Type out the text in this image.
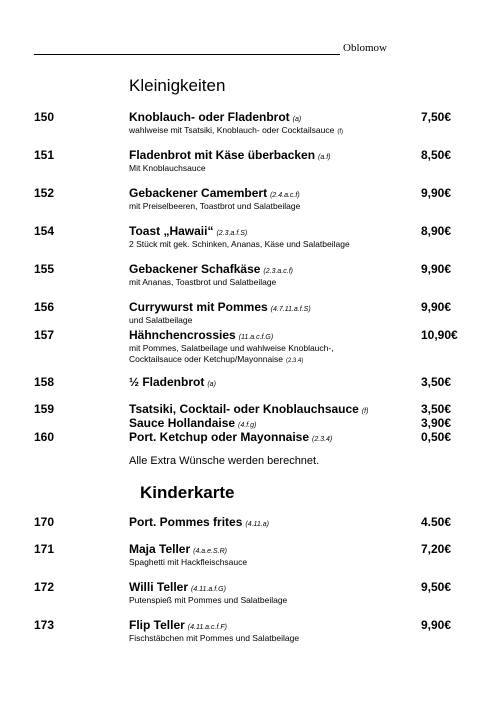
Oblomow
Kleinigkeiten
150	Knoblauch- oder Fladenbrot (a)
wahlweise mit Tsatsiki, Knoblauch- oder Cocktailsauce (f)
7,50€
151	Fladenbrot mit Käse überbacken (a.f)
Mit Knoblauchsauce
8,50€
152	Gebackener Camembert (2.4.a.c.f)
mit Preiselbeeren, Toastbrot und Salatbeilage
9,90€
154	Toast „Hawaii“ (2.3.a.f.S)
2 Stück mit gek. Schinken, Ananas, Käse und Salatbeilage
8,90€
155	Gebackener Schafkäse (2.3.a.c.f)
mit Ananas, Toastbrot und Salatbeilage
9,90€
156	Currywurst mit Pommes (4.7.11.a.f.S)
und Salatbeilage
9,90€
157	Hähnchencrossies (11.a.c.f.G)
mit Pommes, Salatbeilage und wahlweise Knoblauch-,
Cocktailsauce oder Ketchup/Mayonnaise (2.3.4)
10,90€
158	½ Fladenbrot (a)	3,50€
159	Tsatsiki, Cocktail- oder Knoblauchsauce (f)	3,50€
Sauce Hollandaise (4.f.g)	3,90€
160	Port. Ketchup oder Mayonnaise (2.3.4)	0,50€
Alle Extra Wünsche werden berechnet.
Kinderkarte
170	Port. Pommes frites (4.11.a)	4.50€
171	Maja Teller (4.a.e.S.R)
Spaghetti mit Hackfleischsauce
7,20€
172	Willi Teller (4.11.a.f.G)
Putenspieß mit Pommes und Salatbeilage
9,50€
173	Flip Teller (4.11.a.c.f.F)
Fischstäbchen mit Pommes und Salatbeilage
9,90€
